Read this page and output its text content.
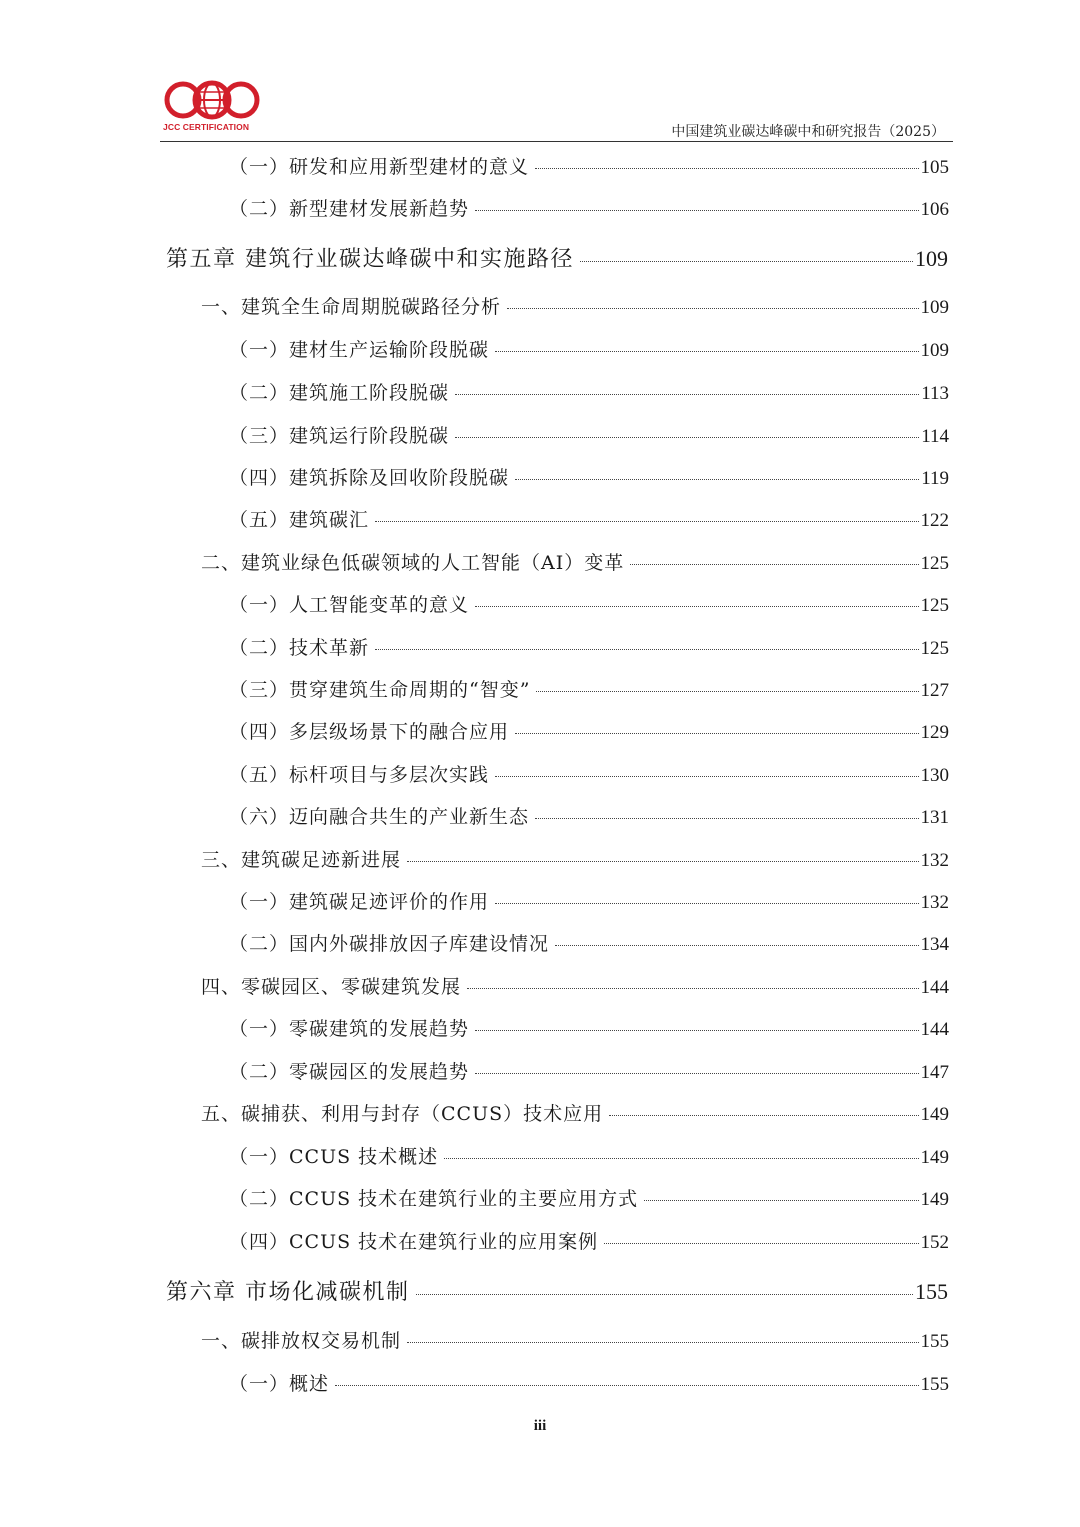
JCC CERTIFICATION	中国建筑业碳达峰碳中和研究报告（2025）
（一）研发和应用新型建材的意义	105
（二）新型建材发展新趋势	106
第五章 建筑行业碳达峰碳中和实施路径	109
一、建筑全生命周期脱碳路径分析	109
（一）建材生产运输阶段脱碳	109
（二）建筑施工阶段脱碳	113
（三）建筑运行阶段脱碳	114
（四）建筑拆除及回收阶段脱碳	119
（五）建筑碳汇	122
二、建筑业绿色低碳领域的人工智能（AI）变革	125
（一）人工智能变革的意义	125
（二）技术革新	125
（三）贯穿建筑生命周期的“智变”	127
（四）多层级场景下的融合应用	129
（五）标杆项目与多层次实践	130
（六）迈向融合共生的产业新生态	131
三、建筑碳足迹新进展	132
（一）建筑碳足迹评价的作用	132
（二）国内外碳排放因子库建设情况	134
四、零碳园区、零碳建筑发展	144
（一）零碳建筑的发展趋势	144
（二）零碳园区的发展趋势	147
五、碳捕获、利用与封存（CCUS）技术应用	149
（一）CCUS 技术概述	149
（二）CCUS 技术在建筑行业的主要应用方式	149
（四）CCUS 技术在建筑行业的应用案例	152
第六章 市场化减碳机制	155
一、碳排放权交易机制	155
（一）概述	155
iii
